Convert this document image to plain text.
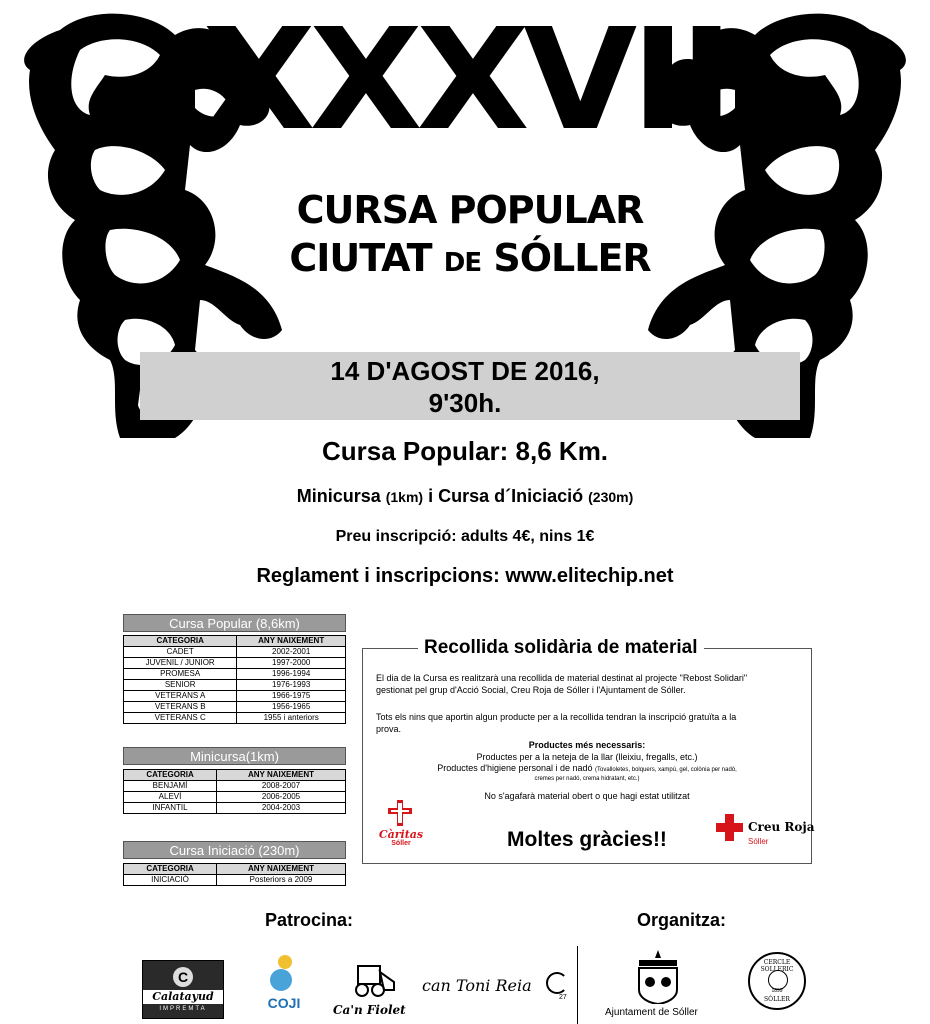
XXXVII
CURSA POPULAR
CIUTAT DE SÓLLER
14 D'AGOST DE 2016,
9'30h.
Cursa Popular: 8,6 Km.
Minicursa (1km) i Cursa d´Iniciació (230m)
Preu inscripció: adults 4€, nins 1€
Reglament i inscripcions: www.elitechip.net
Cursa Popular (8,6km)
CATEGORIA	ANY NAIXEMENT
CADET	2002-2001
JUVENIL / JUNIOR	1997-2000
PROMESA	1996-1994
SENIOR	1976-1993
VETERANS A	1966-1975
VETERANS B	1956-1965
VETERANS C	1955 i anteriors
Minicursa(1km)
CATEGORIA	ANY NAIXEMENT
BENJAMÍ	2008-2007
ALEVÍ	2006-2005
INFANTIL	2004-2003
Cursa Iniciació (230m)
CATEGORIA	ANY NAIXEMENT
INICIACIÓ	Posteriors a 2009
Recollida solidària de material
El dia de la Cursa es realitzarà una recollida de material destinat al projecte "Rebost Solidari"
gestionat pel grup d'Acció Social, Creu Roja de Sóller i l'Ajuntament de Sóller.
Tots els nins que aportin algun producte per a la recollida tendran la inscripció gratuïta a la
prova.
Productes més necessaris:
Productes per a la neteja de la llar (lleixiu, fregalls, etc.)
Productes d'higiene personal i de nadó (Tovalloletes, bolquers, xampú, gel, colònia per nadó,
cremes per nadó, crema hidratant, etc.)
No s'agafarà material obert o que hagi estat utilitzat
Moltes gràcies!!
Càritas
Sóller
Creu Roja
Sóller
Patrocina:	Organitza:
C
Calatayud
IMPREMTA	COJI	Ca'n Fiolet
can Toni Reia
27
Ajuntament de Sóller
CERCLE SOLLERIC
1899
SÓLLER
